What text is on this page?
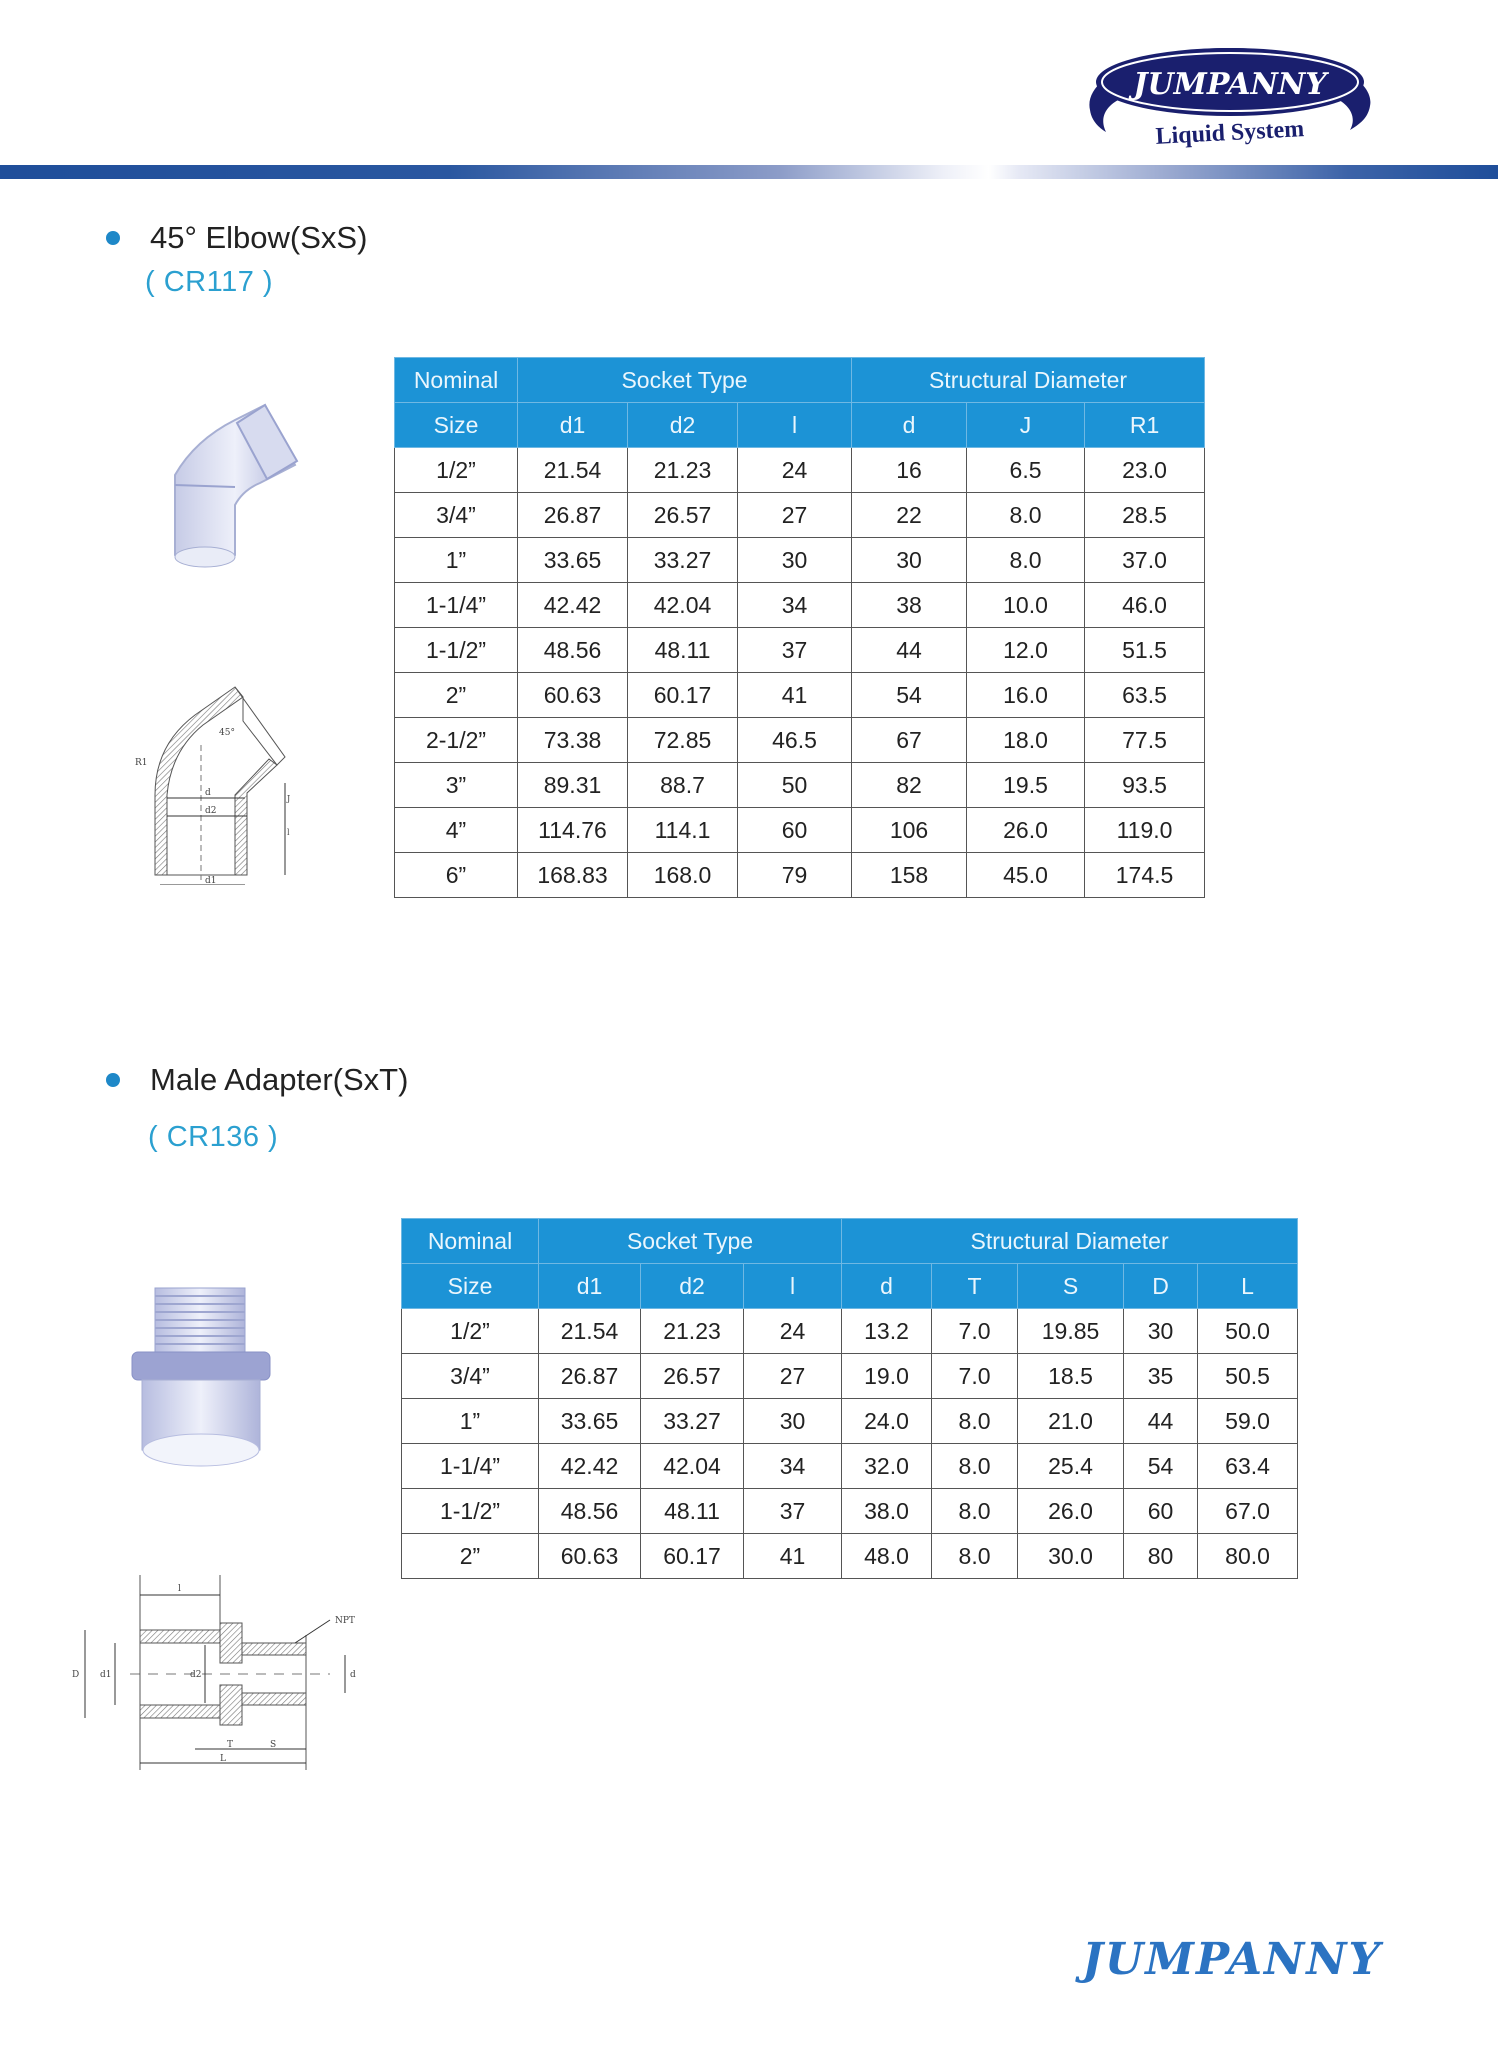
JUMPANNY
Liquid System
45° Elbow(SxS)
( CR117 )
d
d2
d1
R1
45°
J
l
Nominal	Socket Type			Structural Diameter		
Size	d1	d2	l	d	J	R1
1/2”	21.54	21.23	24	16	6.5	23.0
3/4”	26.87	26.57	27	22	8.0	28.5
1”	33.65	33.27	30	30	8.0	37.0
1-1/4”	42.42	42.04	34	38	10.0	46.0
1-1/2”	48.56	48.11	37	44	12.0	51.5
2”	60.63	60.17	41	54	16.0	63.5
2-1/2”	73.38	72.85	46.5	67	18.0	77.5
3”	89.31	88.7	50	82	19.5	93.5
4”	114.76	114.1	60	106	26.0	119.0
6”	168.83	168.0	79	158	45.0	174.5
Male Adapter(SxT)
( CR136 )
NPT
l
D d1	d2	d
T	S
L
Nominal	Socket Type			Structural Diameter				
Size	d1	d2	l	d	T	S	D	L
1/2”	21.54	21.23	24	13.2	7.0	19.85	30	50.0
3/4”	26.87	26.57	27	19.0	7.0	18.5	35	50.5
1”	33.65	33.27	30	24.0	8.0	21.0	44	59.0
1-1/4”	42.42	42.04	34	32.0	8.0	25.4	54	63.4
1-1/2”	48.56	48.11	37	38.0	8.0	26.0	60	67.0
2”	60.63	60.17	41	48.0	8.0	30.0	80	80.0
JUMPANNY
